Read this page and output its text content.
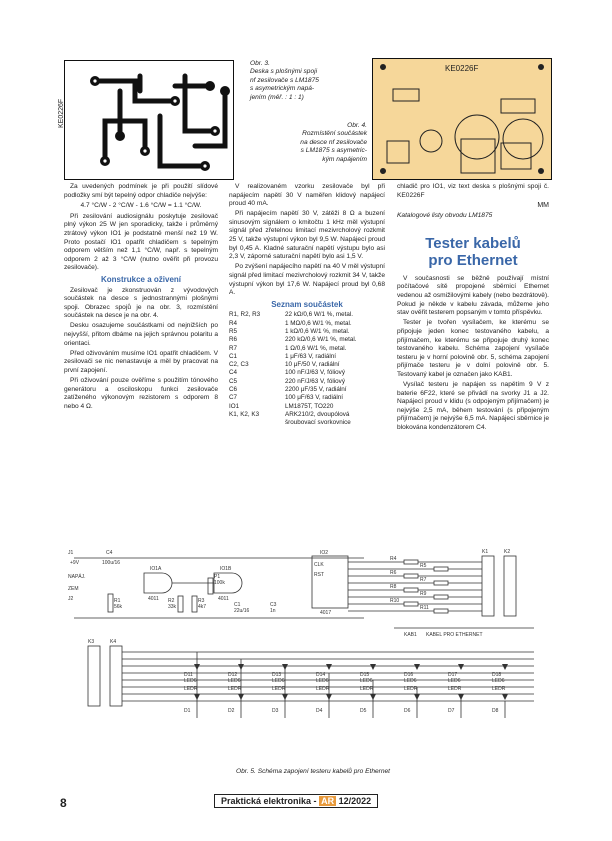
KE0226F
Obr. 3.
Deska s plošnými spoji
nf zesilovače s LM1875
s asymetrickým napá-
jením (měř. : 1 : 1)
Obr. 4.
Rozmístění součástek
na desce nf zesilovače
s LM1875 s asymetric-
kým napájením
KE0226F

Za uvedených podmínek je při použití slídové podložky smí být tepelný odpor chladiče nejvýše:

4.7 °C/W - 2 °C/W - 1.6 °C/W = 1.1 °C/W.

Při zesilování audiosignálu poskytuje zesilovač plný výkon 25 W jen sporadicky, takže i průměrný ztrátový výkon IO1 je podstatně menší než 19 W. Proto postačí IO1 opatřit chladičem s tepelným odporem větším než 1,1 °C/W, např. s tepelným odporem 2 až 3 °C/W (nutno ověřit při provozu zesilovače).

Konstrukce a oživení

Zesilovač je zkonstruován z vývodových součástek na desce s jednostrannými plošnými spoji. Obrazec spojů je na obr. 3, rozmístění součástek na desce je na obr. 4.

Desku osazujeme součástkami od nejnižších po nejvyšší, přitom dbáme na jejich správnou polaritu a orientaci.

Před oživováním musíme IO1 opatřit chladičem. V zesilovači se nic nenastavuje a měl by pracovat na první zapojení.

Při oživování pouze ověříme s použitím tónového generátoru a osciloskopu funkci zesilovače zatíženého výkonovým rezistorem s odporem 8 nebo 4 Ω.

V realizovaném vzorku zesilovače byl při napájecím napětí 30 V naměřen klidový napájecí proud 40 mA.

Při napájecím napětí 30 V, zátěži 8 Ω a buzení sinusovým signálem o kmitočtu 1 kHz měl výstupní signál před zřetelnou limitací mezivrcholový rozkmit 25 V, takže výstupní výkon byl 9,5 W. Napájecí proud byl 0,45 A. Kladné saturační napětí výstupu bylo asi 2,3 V, záporné saturační napětí bylo asi 1,5 V.

Po zvýšení napájecího napětí na 40 V měl výstupní signál před limitací mezivrcholový rozkmit 34 V, takže výstupní výkon byl 17,6 W. Napájecí proud byl 0,68 A.

Seznam součástek
R1, R2, R3	22 kΩ/0,6 W/1 %, metal.
R4	1 MΩ/0,6 W/1 %, metal.
R5	1 kΩ/0,6 W/1 %, metal.
R6	220 kΩ/0,6 W/1 %, metal.
R7	1 Ω/0,6 W/1 %, metal.
C1	1 μF/63 V, radiální
C2, C3	10 μF/50 V, radiální
C4	100 nF/J/63 V, fóliový
C5	220 nF/J/63 V, fóliový
C6	2200 μF/35 V, radiální
C7	100 μF/63 V, radiální
IO1	LM1875T, TO220
K1, K2, K3	ARK210/2, dvoupólová
šroubovací svorkovnice

chladič pro IO1, viz text deska s plošnými spoji č. KE0226F

MM
Katalogové listy obvodu LM1875
Tester kabelů
pro Ethernet

V současnosti se běžně používají místní počítačové sítě propojené sběrnicí Ethernet vedenou až osmižilovými kabely (nebo bezdrátově). Pokud je někde v kabelu závada, můžeme jeho stav ověřit testerem popsaným v tomto příspěvku.

Tester je tvořen vysílačem, ke kterému se připojuje jeden konec testovaného kabelu, a přijímačem, ke kterému se připojuje druhý konec testovaného kabelu. Schéma zapojení vysílače testeru je v horní polovině obr. 5, schéma zapojení přijímače testeru je v dolní polovině obr. 5. Testovaný kabel je označen jako KAB1.

Vysílač testeru je napájen ss napětím 9 V z baterie 6F22, které se přivádí na svorky J1 a J2. Napájecí proud v klidu (s odpojeným přijímačem) je nejvýše 2,5 mA, během testování (s připojeným přijímačem) je nejvýše 6,5 mA. Napájecí sběrnice je blokována kondenzátorem C4.

R4
R5
R6
R7
R8
R9
R10
R11
D11
LED6
LEDR
D1
D12
LED6
LEDR
D2
D13
LED6
LEDR
D3
D14
LED6
LEDR
D4
D15
LED6
LEDR
D5
D16
LED6
LEDR
D6
D17
LED6
LEDR
D7
D18
LED6
LEDR
D8
J1
+9V
C4
100u/16
NAPÁJ.
ZEM
J2
IO1A
4011
IO1B
4011
R1
56k
R2
33k
R3
4k7
P1
100k
C1
22u/16
C3
1n
IO2
CLK
RST
4017
K1	K2
KAB1 KABEL PRO ETHERNET
K3	K4
Obr. 5. Schéma zapojení testeru kabelů pro Ethernet
8	Praktická elektronika - AR 12/2022
